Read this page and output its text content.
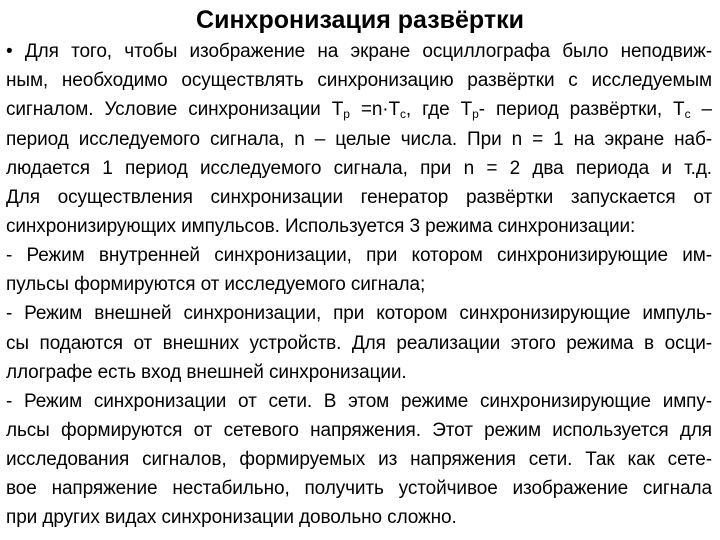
Синхронизация развёртки
• Для того, чтобы изображение на экране осциллографа было неподвиж-
ным, необходимо осуществлять синхронизацию развёртки с исследуемым
сигналом. Условие синхронизации $T_р =n\cdot T_с$, где $T_р-$ период развёртки, $T_с$ –
период исследуемого сигнала, n – целые числа. При n = 1 на экране наб-
людается 1 период исследуемого сигнала, при n = 2 два периода и т.д.
Для осуществления синхронизации генератор развёртки запускается от
синхронизирующих импульсов. Используется 3 режима синхронизации:
- Режим внутренней синхронизации, при котором синхронизирующие им-
пульсы формируются от исследуемого сигнала;
- Режим внешней синхронизации, при котором синхронизирующие импуль-
сы подаются от внешних устройств. Для реализации этого режима в осци-
ллографе есть вход внешней синхронизации.
- Режим синхронизации от сети. В этом режиме синхронизирующие импу-
льсы формируются от сетевого напряжения. Этот режим используется для
исследования сигналов, формируемых из напряжения сети. Так как сете-
вое напряжение нестабильно, получить устойчивое изображение сигнала
при других видах синхронизации довольно сложно.
